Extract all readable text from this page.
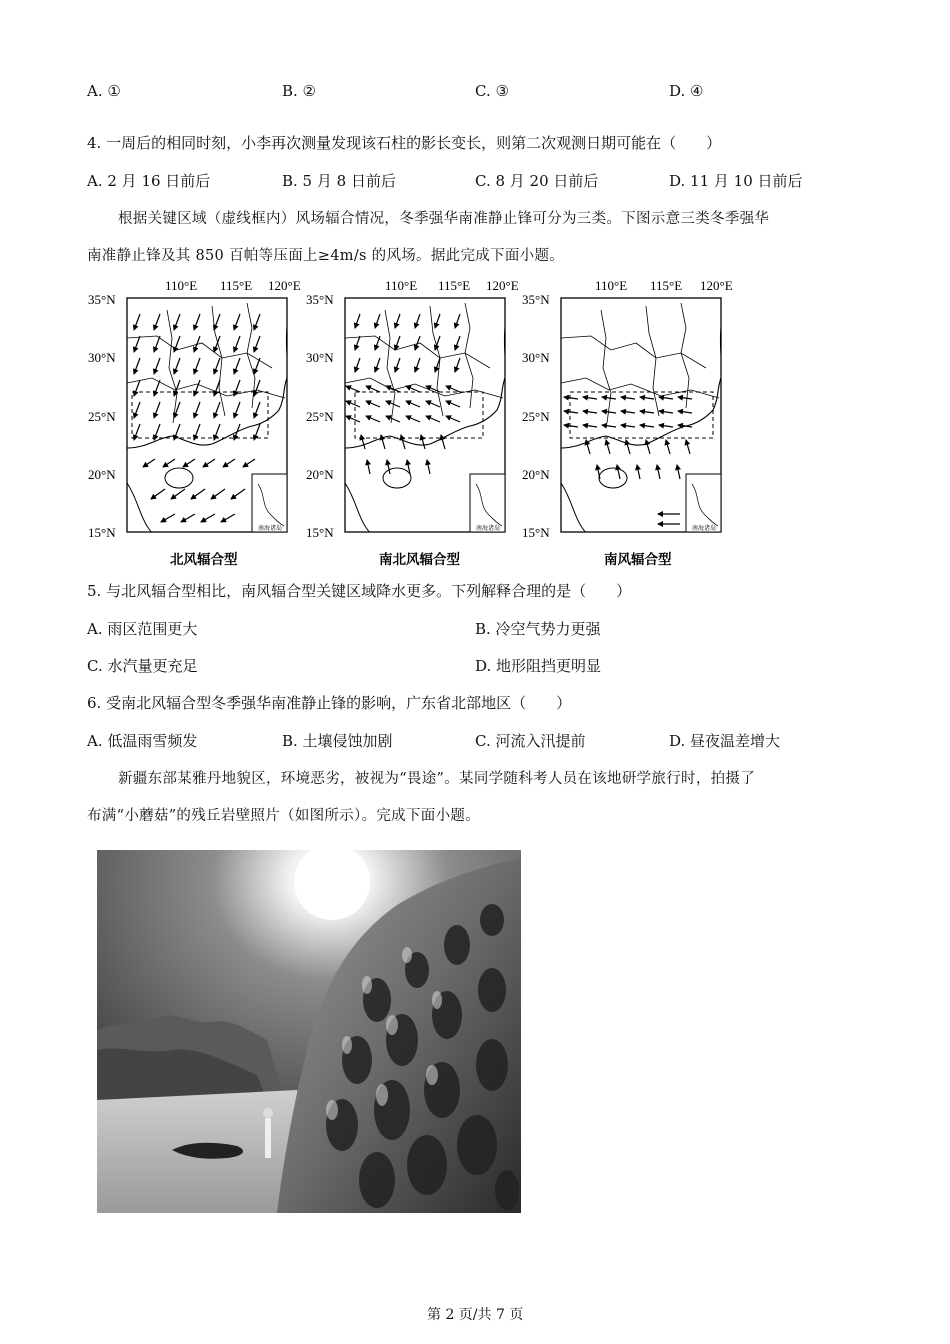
A. ①	B. ②	C. ③	D. ④
4. 一周后的相同时刻，小李再次测量发现该石柱的影长变长，则第二次观测日期可能在（　　）
A. 2 月 16 日前后	B. 5 月 8 日前后	C. 8 月 20 日前后	D. 11 月 10 日前后
根据关键区域（虚线框内）风场辐合情况，冬季强华南准静止锋可分为三类。下图示意三类冬季强华
南准静止锋及其 850 百帕等压面上≥4m/s 的风场。据此完成下面小题。
110°E 115°E 120°E	110°E 115°E 120°E	110°E 115°E 120°E
35°N
30°N
25°N
20°N
15°N	南海诸岛
北风辐合型
35°N
30°N
25°N
20°N
15°N	南海诸岛
南北风辐合型
35°N
30°N
25°N
20°N
15°N	南海诸岛
南风辐合型
5. 与北风辐合型相比，南风辐合型关键区域降水更多。下列解释合理的是（　　）
A. 雨区范围更大	B. 冷空气势力更强
C. 水汽量更充足	D. 地形阻挡更明显
6. 受南北风辐合型冬季强华南准静止锋的影响，广东省北部地区（　　）
A. 低温雨雪频发	B. 土壤侵蚀加剧	C. 河流入汛提前	D. 昼夜温差增大
新疆东部某雅丹地貌区，环境恶劣，被视为“畏途”。某同学随科考人员在该地研学旅行时，拍摄了
布满“小蘑菇”的残丘岩壁照片（如图所示）。完成下面小题。
第 2 页/共 7 页
